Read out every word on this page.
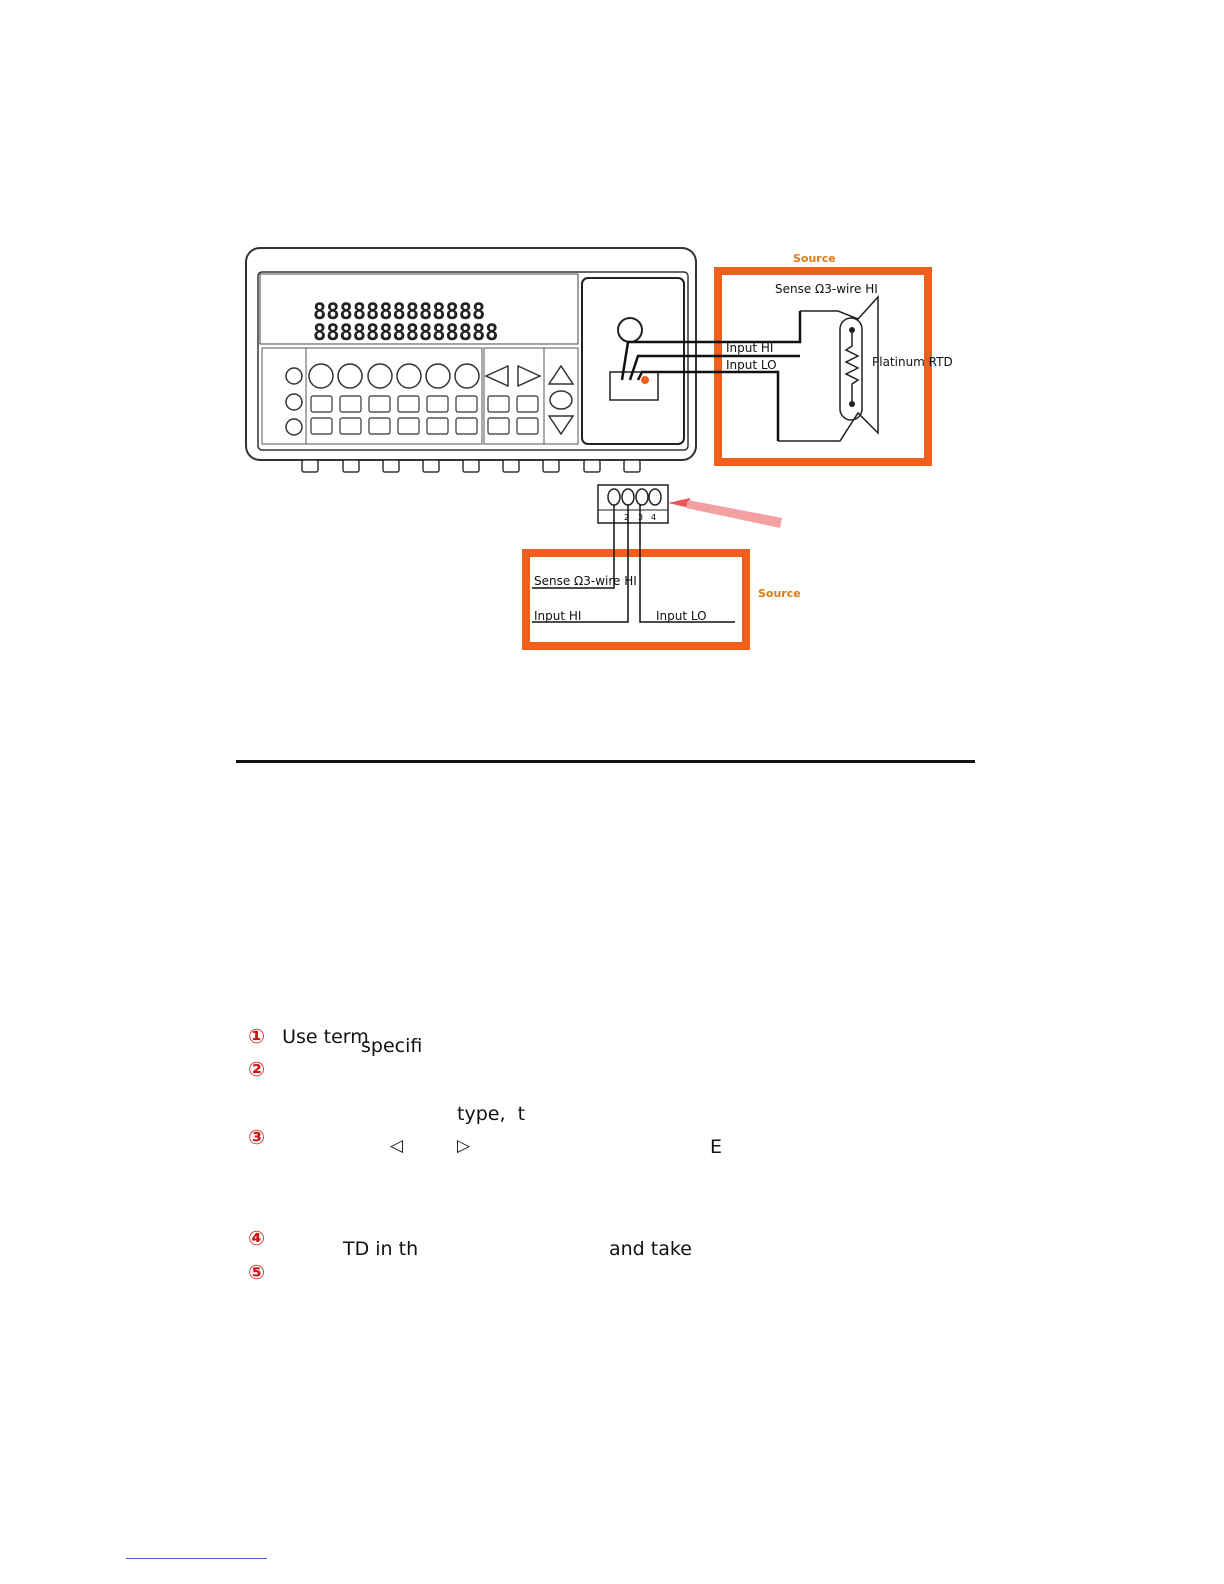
8888888888888
88888888888888
Source
Sense Ω3-wire HI
Input HI
Input LO	Platinum RTD
2 3 4
Source
Sense Ω3-wire HI
Input HI	Input LO

① Use term

②

specifi

③

type,  t
◁	▷	E

④

⑤

TD in th	and take
